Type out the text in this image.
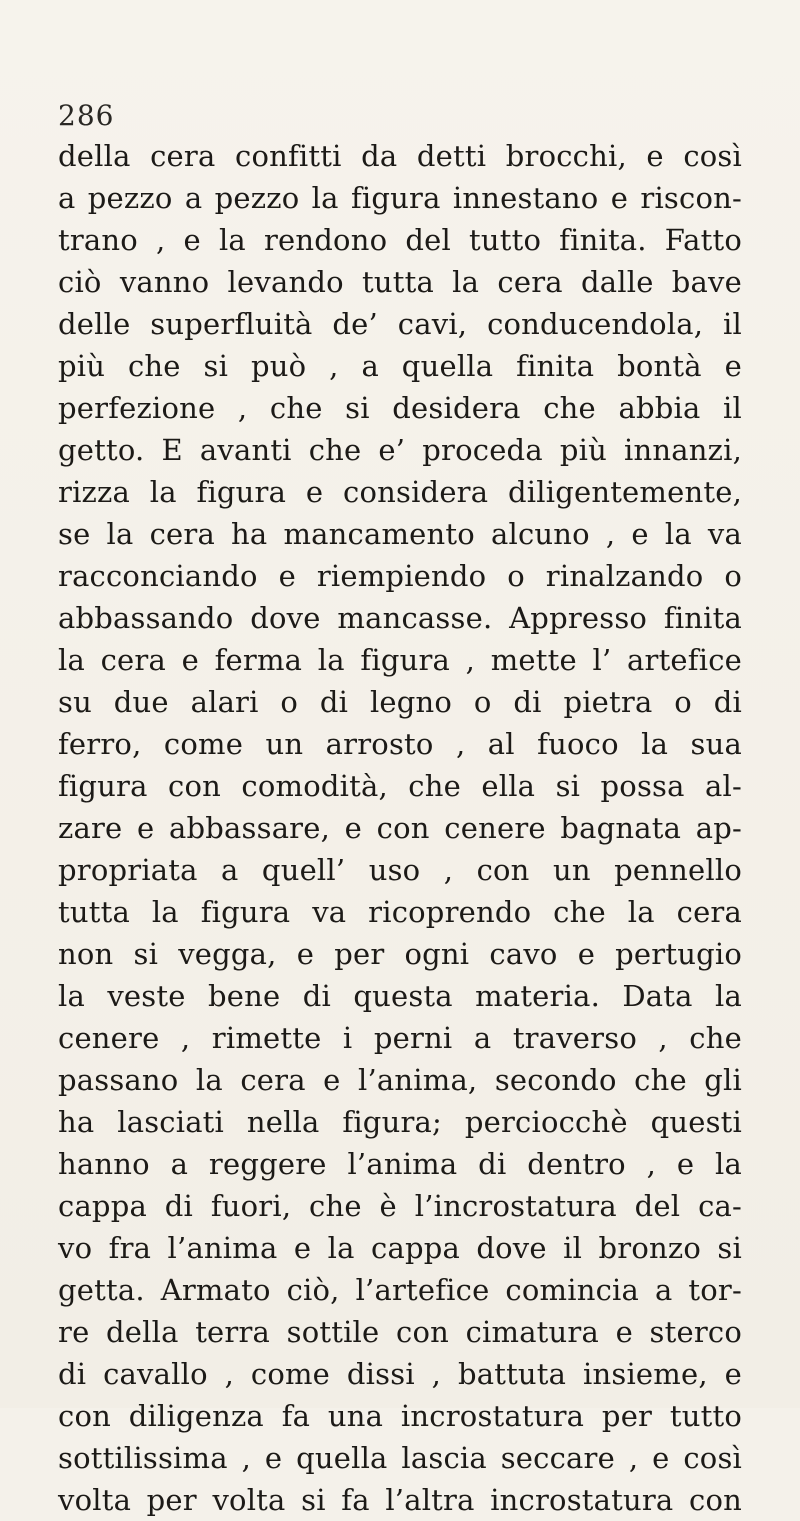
286
della cera confitti da detti brocchi, e così
a pezzo a pezzo la figura innestano e riscon-
trano , e la rendono del tutto finita. Fatto
ciò vanno levando tutta la cera dalle bave
delle superfluità de’ cavi, conducendola, il
più che si può , a quella finita bontà e
perfezione , che si desidera che abbia il
getto. E avanti che e’ proceda più innanzi,
rizza la figura e considera diligentemente,
se la cera ha mancamento alcuno , e la va
racconciando e riempiendo o rinalzando o
abbassando dove mancasse. Appresso finita
la cera e ferma la figura , mette l’ artefice
su due alari o di legno o di pietra o di
ferro, come un arrosto , al fuoco la sua
figura con comodità, che ella si possa al-
zare e abbassare, e con cenere bagnata ap-
propriata a quell’ uso , con un pennello
tutta la figura va ricoprendo che la cera
non si vegga, e per ogni cavo e pertugio
la veste bene di questa materia. Data la
cenere , rimette i perni a traverso , che
passano la cera e l’anima, secondo che gli
ha lasciati nella figura; perciocchè questi
hanno a reggere l’anima di dentro , e la
cappa di fuori, che è l’incrostatura del ca-
vo fra l’anima e la cappa dove il bronzo si
getta. Armato ciò, l’artefice comincia a tor-
re della terra sottile con cimatura e sterco
di cavallo , come dissi , battuta insieme, e
con diligenza fa una incrostatura per tutto
sottilissima , e quella lascia seccare , e così
volta per volta si fa l’altra incrostatura con
